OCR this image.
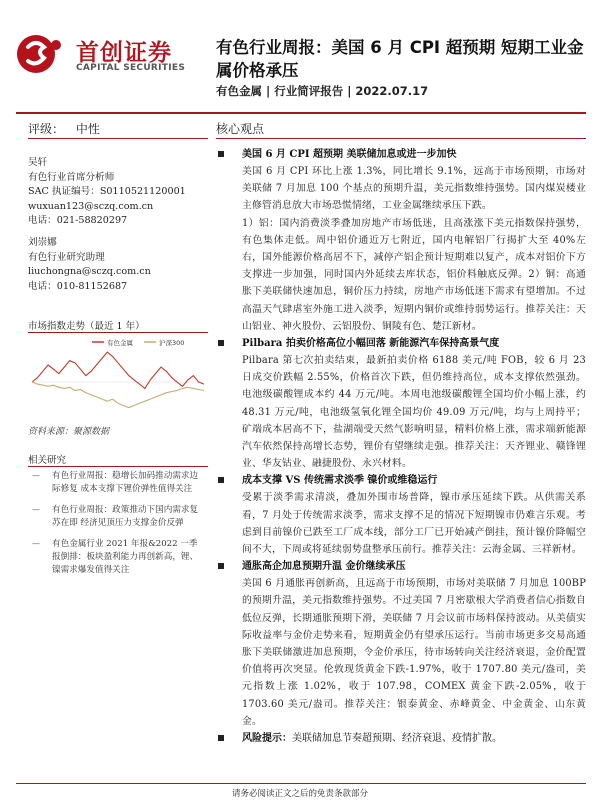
首创证券
CAPITAL SECURITIES
有色行业周报：美国 6 月 CPI 超预期 短期工业金属价格承压
有色金属 | 行业简评报告 | 2022.07.17
评级： 中性
吴轩
有色行业首席分析师
SAC 执证编号：S0110521120001
wuxuan123@sczq.com.cn
电话：021-58820297
刘崇娜
有色行业研究助理
liuchongna@sczq.com.cn
电话：010-81152687
市场指数走势（最近 1 年）
有色金属	沪深300
资料来源：聚源数据
相关研究
— 有色行业周报：稳增长加码推动需求边际修复 成本支撑下锂价弹性值得关注
— 有色行业周报：政策推动下国内需求复苏在即 经济见顶压力支撑金价反弹
— 有色金属行业 2021 年报&2022 一季报倒排：板块盈利能力再创新高，锂、镍需求爆发值得关注
核心观点
美国 6 月 CPI 超预期 美联储加息或进一步加快
美国 6 月 CPI 环比上涨 1.3%，同比增长 9.1%，远高于市场预期，市场对美联储 7 月加息 100 个基点的预期升温，美元指数维持强势。国内煤炭楼业主修管消息放大市场恐慌情绪，工业金属继续承压下跌。
1）铝：国内消费淡季叠加房地产市场低迷，且高涨涨下美元指数保持强势，有色集体走低。周中铝价通近万七附近，国内电解铝厂行揭扩大至 40%左右，国外能源价格高居不下，减停产铝企预计短期难以复产，成本对铝价下方支撑进一步加强，同时国内外延续去库状态，铝价料触底反弹。2）铜：高通胀下美联储快速加息，铜价压力持续，房地产市场低迷下需求有望增加。不过高温天气肆虐室外施工进入淡季，短期内铜价或维持弱势运行。推荐关注：天山铝业、神火股份、云铝股份、铜陵有色、楚江新材。
Pilbara 拍卖价格高位小幅回落 新能源汽车保持高景气度
Pilbara 第七次拍卖结束，最新拍卖价格 6188 美元/吨 FOB，较 6 月 23 日成交价跌幅 2.55%，价格首次下跌，但仍维持高位，成本支撑依然强劲。电池级碳酸锂成本约 44 万元/吨。本周电池级碳酸锂全国均价小幅上涨，约 48.31 万元/吨，电池级氢氧化锂全国均价 49.09 万元/吨，均与上周持平；矿端成本居高不下，盐湖端受天然气影响明显，精料价格上涨，需求端新能源汽车依然保持高增长态势，锂价有望继续走强。推荐关注：天齐锂业、赣锋锂业、华友钴业、融捷股份、永兴材料。
成本支撑 VS 传统需求淡季 镍价或维稳运行
受累于淡季需求清淡，叠加外围市场普降，镍市承压延续下跌。从供需关系看，7 月处于传统需求淡季，需求支撑不足的情况下短期镍市仍难言乐观。考虑到目前镍价已跌至工厂成本线，部分工厂已开始减产倒挂，预计镍价降幅空间不大，下周或将延续弱势盘整承压前行。推荐关注：云海金属、三祥新材。
通胀高企加息预期升温 金价继续承压
美国 6 月通胀再创新高，且远高于市场预期，市场对美联储 7 月加息 100BP 的预期升温，美元指数维持强势。不过美国 7 月密歇根大学消费者信心指数自低位反弹，长期通胀预期下滑，美联储 7 月会议前市场料保持波动。从美债实际收益率与金价走势来看，短期黄金仍有望承压运行。当前市场更多交易高通胀下美联储激进加息预期，令金价承压，待市场转向关注经济衰退，金价配置价值将再次突显。伦敦现货黄金下跌-1.97%，收于 1707.80 美元/盎司，美元指数上涨 1.02%，收于 107.98，COMEX 黄金下跌-2.05%，收于 1703.60 美元/盎司。推荐关注：银泰黄金、赤峰黄金、中金黄金、山东黄金。
风险提示：美联储加息节奏超预期、经济衰退、疫情扩散。
请务必阅读正文之后的免责条款部分
